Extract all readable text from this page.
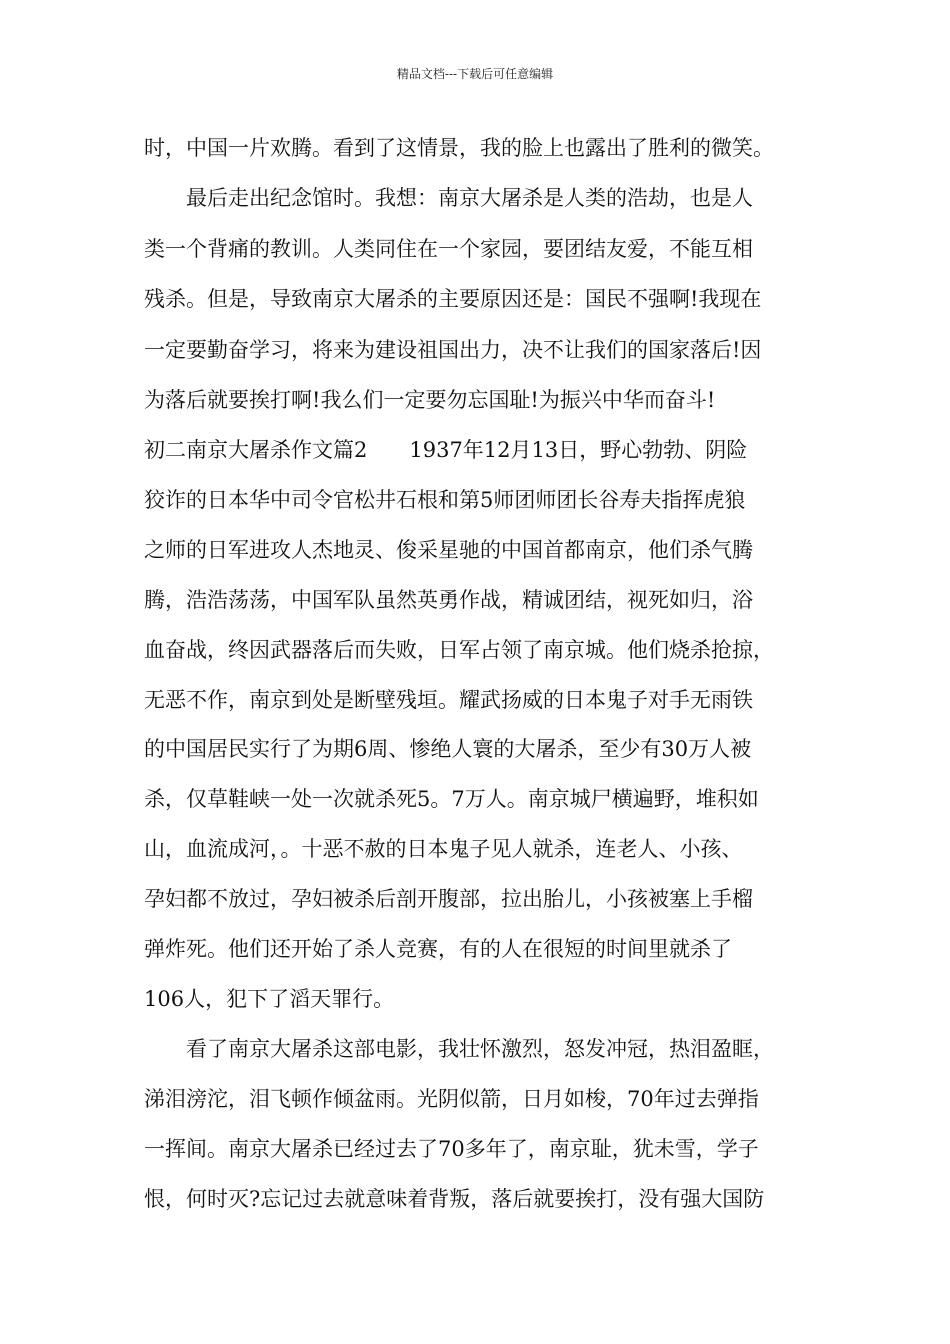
精品文档---下载后可任意编辑
时，中国一片欢腾。看到了这情景，我的脸上也露出了胜利的微笑。
　　最后走出纪念馆时。我想：南京大屠杀是人类的浩劫，也是人
类一个背痛的教训。人类同住在一个家园，要团结友爱，不能互相
残杀。但是，导致南京大屠杀的主要原因还是：国民不强啊!我现在
一定要勤奋学习，将来为建设祖国出力，决不让我们的国家落后!因
为落后就要挨打啊!我么们一定要勿忘国耻!为振兴中华而奋斗!
初二南京大屠杀作文篇2　　1937年12月13日，野心勃勃、阴险
狡诈的日本华中司令官松井石根和第5师团师团长谷寿夫指挥虎狼
之师的日军进攻人杰地灵、俊采星驰的中国首都南京，他们杀气腾
腾，浩浩荡荡，中国军队虽然英勇作战，精诚团结，视死如归，浴
血奋战，终因武器落后而失败，日军占领了南京城。他们烧杀抢掠，
无恶不作，南京到处是断壁残垣。耀武扬威的日本鬼子对手无雨铁
的中国居民实行了为期6周、惨绝人寰的大屠杀，至少有30万人被
杀，仅草鞋峡一处一次就杀死5。7万人。南京城尸横遍野，堆积如
山，血流成河，。十恶不赦的日本鬼子见人就杀，连老人、小孩、
孕妇都不放过，孕妇被杀后剖开腹部，拉出胎儿，小孩被塞上手榴
弹炸死。他们还开始了杀人竞赛，有的人在很短的时间里就杀了
106人，犯下了滔天罪行。
　　看了南京大屠杀这部电影，我壮怀激烈，怒发冲冠，热泪盈眶，
涕泪滂沱，泪飞顿作倾盆雨。光阴似箭，日月如梭，70年过去弹指
一挥间。南京大屠杀已经过去了70多年了，南京耻，犹未雪，学子
恨，何时灭?忘记过去就意味着背叛，落后就要挨打，没有强大国防
